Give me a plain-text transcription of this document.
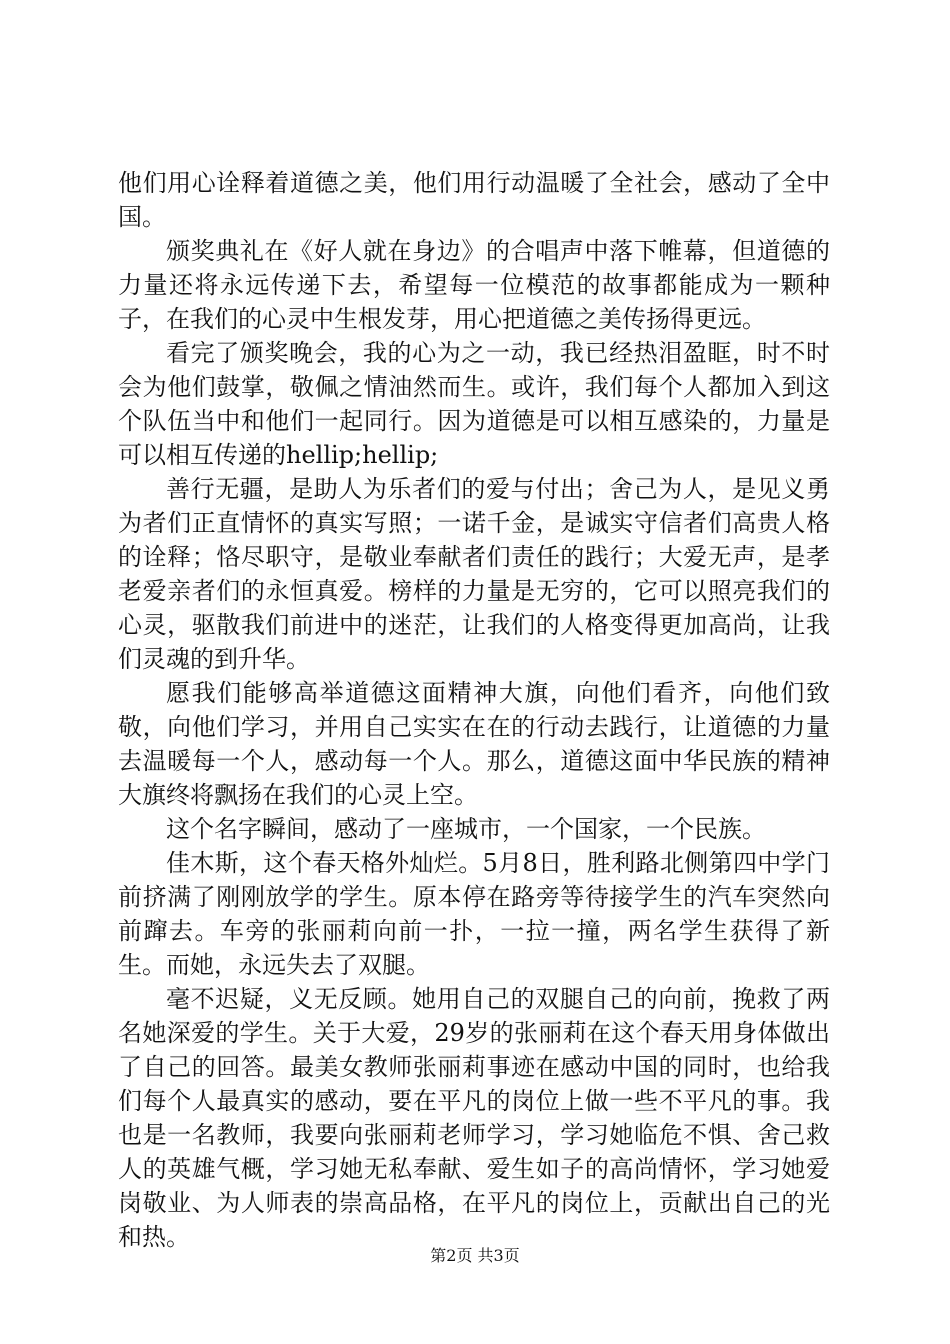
他们用心诠释着道德之美，他们用行动温暖了全社会，感动了全中国。

颁奖典礼在《好人就在身边》的合唱声中落下帷幕，但道德的力量还将永远传递下去，希望每一位模范的故事都能成为一颗种子，在我们的心灵中生根发芽，用心把道德之美传扬得更远。

看完了颁奖晚会，我的心为之一动，我已经热泪盈眶，时不时会为他们鼓掌，敬佩之情油然而生。或许，我们每个人都加入到这个队伍当中和他们一起同行。因为道德是可以相互感染的，力量是可以相互传递的hellip;hellip;

善行无疆，是助人为乐者们的爱与付出；舍己为人，是见义勇为者们正直情怀的真实写照；一诺千金，是诚实守信者们高贵人格的诠释；恪尽职守，是敬业奉献者们责任的践行；大爱无声，是孝老爱亲者们的永恒真爱。榜样的力量是无穷的，它可以照亮我们的心灵，驱散我们前进中的迷茫，让我们的人格变得更加高尚，让我们灵魂的到升华。

愿我们能够高举道德这面精神大旗，向他们看齐，向他们致敬，向他们学习，并用自己实实在在的行动去践行，让道德的力量去温暖每一个人，感动每一个人。那么，道德这面中华民族的精神大旗终将飘扬在我们的心灵上空。

这个名字瞬间，感动了一座城市，一个国家，一个民族。

佳木斯，这个春天格外灿烂。5月8日，胜利路北侧第四中学门前挤满了刚刚放学的学生。原本停在路旁等待接学生的汽车突然向前蹿去。车旁的张丽莉向前一扑，一拉一撞，两名学生获得了新生。而她，永远失去了双腿。

毫不迟疑，义无反顾。她用自己的双腿自己的向前，挽救了两名她深爱的学生。关于大爱，29岁的张丽莉在这个春天用身体做出了自己的回答。最美女教师张丽莉事迹在感动中国的同时，也给我们每个人最真实的感动，要在平凡的岗位上做一些不平凡的事。我也是一名教师，我要向张丽莉老师学习，学习她临危不惧、舍己救人的英雄气概，学习她无私奉献、爱生如子的高尚情怀，学习她爱岗敬业、为人师表的崇高品格，在平凡的岗位上，贡献出自己的光和热。

第2页 共3页
